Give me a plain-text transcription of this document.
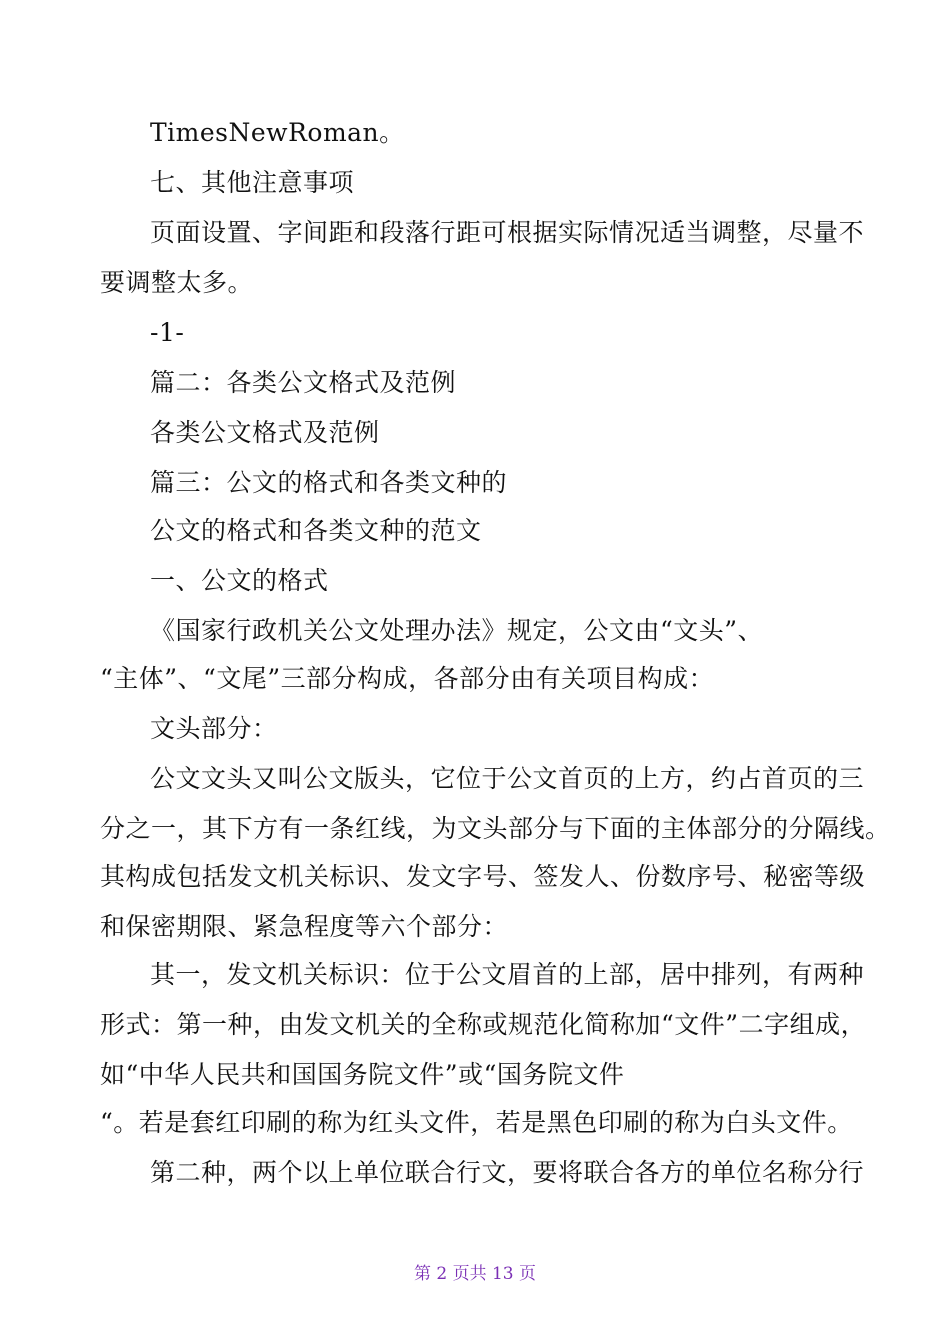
TimesNewRoman。
七、其他注意事项
页面设置、字间距和段落行距可根据实际情况适当调整，尽量不
要调整太多。
-1-
篇二：各类公文格式及范例
各类公文格式及范例
篇三：公文的格式和各类文种的
公文的格式和各类文种的范文
一、公文的格式
《国家行政机关公文处理办法》规定，公文由“文头”、
“主体”、“文尾”三部分构成，各部分由有关项目构成：
文头部分：
公文文头又叫公文版头，它位于公文首页的上方，约占首页的三
分之一，其下方有一条红线，为文头部分与下面的主体部分的分隔线。
其构成包括发文机关标识、发文字号、签发人、份数序号、秘密等级
和保密期限、紧急程度等六个部分：
其一，发文机关标识：位于公文眉首的上部，居中排列，有两种
形式：第一种，由发文机关的全称或规范化简称加“文件”二字组成，
如“中华人民共和国国务院文件”或“国务院文件
“。若是套红印刷的称为红头文件，若是黑色印刷的称为白头文件。
第二种，两个以上单位联合行文，要将联合各方的单位名称分行
第 2 页共 13 页
